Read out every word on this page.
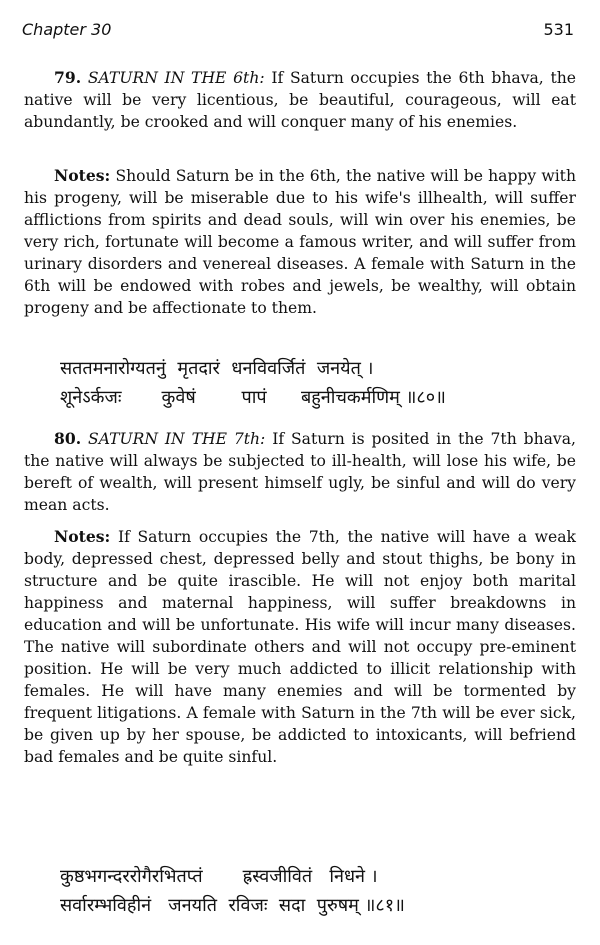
Chapter 30	531

79. SATURN IN THE 6th: If Saturn occupies the 6th bhava, the native will be very licentious, be beautiful, courageous, will eat abundantly, be crooked and will conquer many of his enemies.

Notes: Should Saturn be in the 6th, the native will be happy with his progeny, will be miserable due to his wife's illhealth, will suffer afflictions from spirits and dead souls, will win over his enemies, be very rich, fortunate will become a famous writer, and will suffer from urinary disorders and venereal diseases. A female with Saturn in the 6th will be endowed with robes and jewels, be wealthy, will obtain progeny and be affectionate to them.

सततमनारोग्यतनुं  मृतदारं  धनविवर्जितं  जनयेत् ।
शूनेऽर्कजः       कुवेषं        पापं      बहुनीचकर्मणिम् ॥८०॥

80. SATURN IN THE 7th: If Saturn is posited in the 7th bhava, the native will always be subjected to ill-health, will lose his wife, be bereft of wealth, will present himself ugly, be sinful and will do very mean acts.

Notes: If Saturn occupies the 7th, the native will have a weak body, depressed chest, depressed belly and stout thighs, be bony in structure and be quite irascible. He will not enjoy both marital happiness and maternal happiness, will suffer breakdowns in education and will be unfortunate. His wife will incur many diseases. The native will subordinate others and will not occupy pre-eminent position. He will be very much addicted to illicit relationship with females. He will have many enemies and will be tormented by frequent litigations. A female with Saturn in the 7th will be ever sick, be given up by her spouse, be addicted to intoxicants, will befriend bad females and be quite sinful.

कुष्ठभगन्दररोगैरभितप्तं       ह्रस्वजीवितं   निधने ।
सर्वारम्भविहीनं   जनयति  रविजः  सदा  पुरुषम् ॥८१॥
